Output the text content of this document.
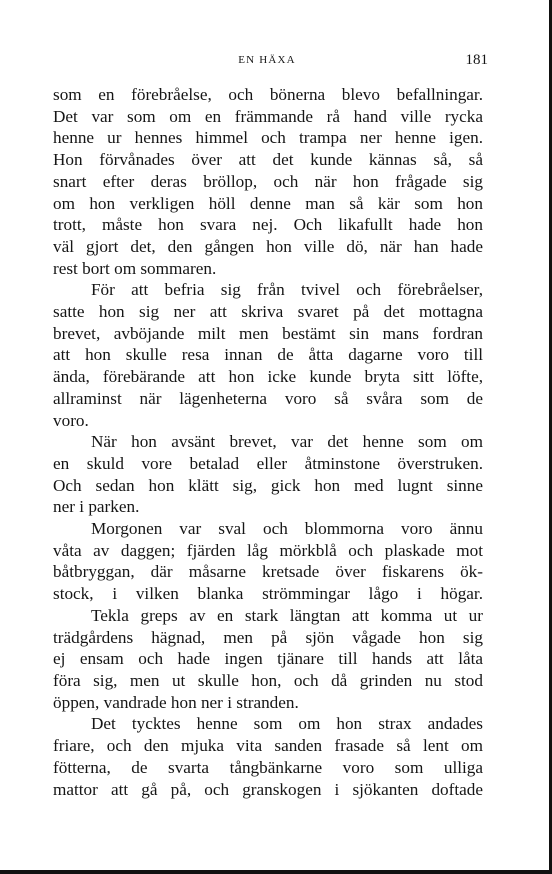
EN HÄXA	181
som en förebråelse, och bönerna blevo befallningar.
Det var som om en främmande rå hand ville rycka
henne ur hennes himmel och trampa ner henne igen.
Hon förvånades över att det kunde kännas så, så
snart efter deras bröllop, och när hon frågade sig
om hon verkligen höll denne man så kär som hon
trott, måste hon svara nej. Och likafullt hade hon
väl gjort det, den gången hon ville dö, när han hade
rest bort om sommaren.
För att befria sig från tvivel och förebråelser,
satte hon sig ner att skriva svaret på det mottagna
brevet, avböjande milt men bestämt sin mans fordran
att hon skulle resa innan de åtta dagarne voro till
ända, förebärande att hon icke kunde bryta sitt löfte,
allraminst när lägenheterna voro så svåra som de
voro.
När hon avsänt brevet, var det henne som om
en skuld vore betalad eller åtminstone överstruken.
Och sedan hon klätt sig, gick hon med lugnt sinne
ner i parken.
Morgonen var sval och blommorna voro ännu
våta av daggen; fjärden låg mörkblå och plaskade mot
båtbryggan, där måsarne kretsade över fiskarens ök-
stock, i vilken blanka strömmingar lågo i högar.
Tekla greps av en stark längtan att komma ut ur
trädgårdens hägnad, men på sjön vågade hon sig
ej ensam och hade ingen tjänare till hands att låta
föra sig, men ut skulle hon, och då grinden nu stod
öppen, vandrade hon ner i stranden.
Det tycktes henne som om hon strax andades
friare, och den mjuka vita sanden frasade så lent om
fötterna, de svarta tångbänkarne voro som ulliga
mattor att gå på, och granskogen i sjökanten doftade
